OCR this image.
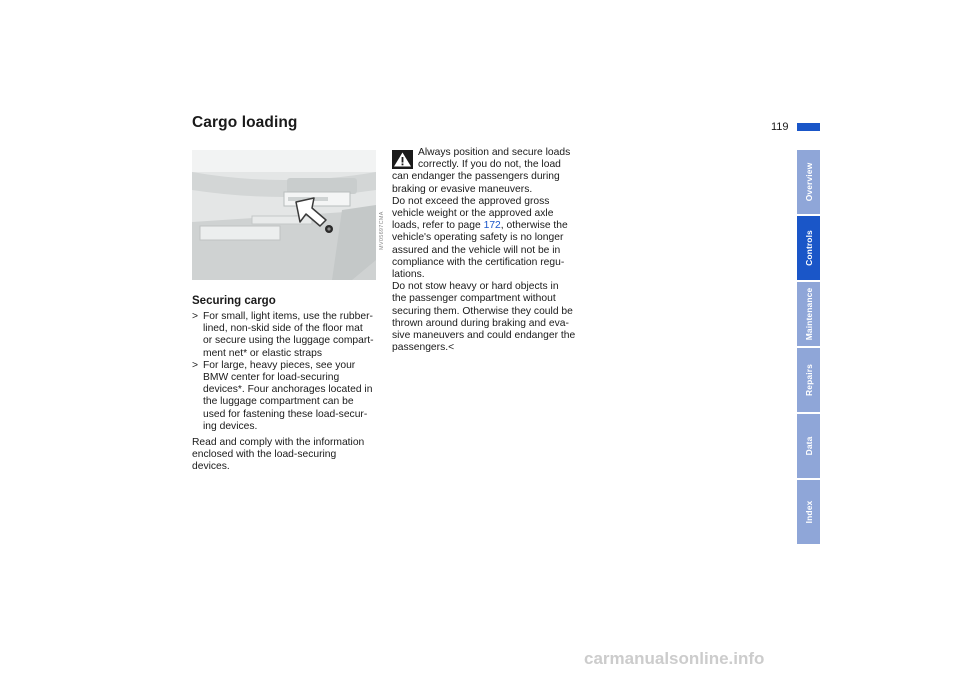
Cargo loading	119
MV05697CMA
Securing cargo
> For small, light items, use the rubber-
lined, non-skid side of the floor mat
or secure using the luggage compart-
ment net* or elastic straps
> For large, heavy pieces, see your
BMW center for load-securing
devices*. Four anchorages located in
the luggage compartment can be
used for fastening these load-secur-
ing devices.
Read and comply with the information
enclosed with the load-securing
devices.
Always position and secure loads
correctly. If you do not, the load
can endanger the passengers during
braking or evasive maneuvers.
Do not exceed the approved gross
vehicle weight or the approved axle
loads, refer to page 172, otherwise the
vehicle's operating safety is no longer
assured and the vehicle will not be in
compliance with the certification regu-
lations.
Do not stow heavy or hard objects in
the passenger compartment without
securing them. Otherwise they could be
thrown around during braking and eva-
sive maneuvers and could endanger the
passengers.<
Overview
Controls
Maintenance
Repairs
Data
Index
carmanualsonline.info
